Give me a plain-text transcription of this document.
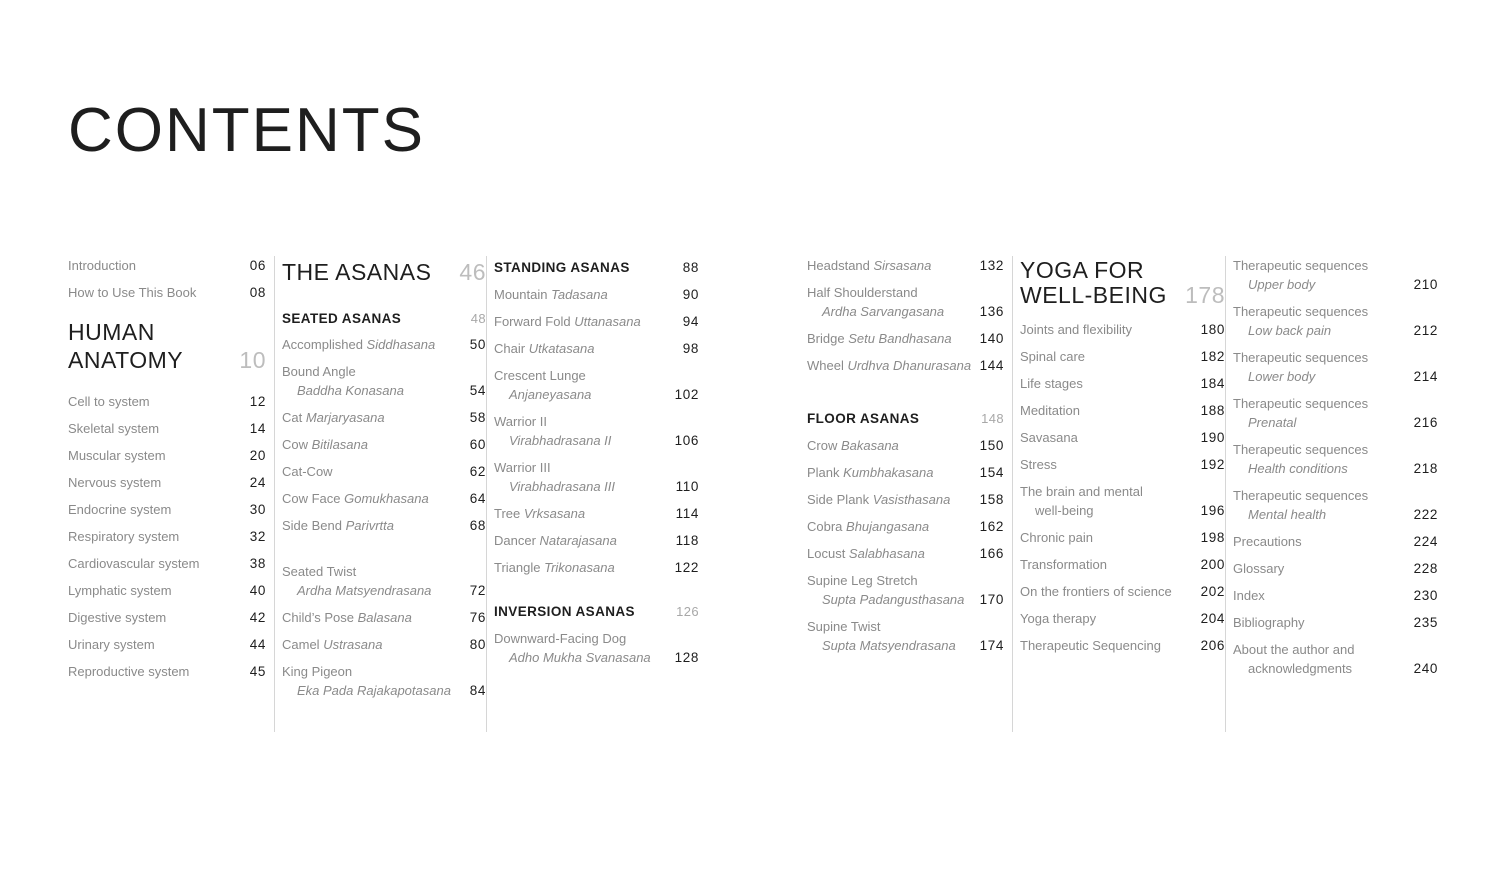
CONTENTS
Introduction	06
How to Use This Book	08
HUMAN
ANATOMY	10
Cell to system	12
Skeletal system	14
Muscular system	20
Nervous system	24
Endocrine system	30
Respiratory system	32
Cardiovascular system	38
Lymphatic system	40
Digestive system	42
Urinary system	44
Reproductive system	45
THE ASANAS 46
SEATED ASANAS	48
Accomplished Siddhasana	50
Bound Angle
Baddha Konasana	54
Cat Marjaryasana	58
Cow Bitilasana	60
Cat-Cow	62
Cow Face Gomukhasana	64
Side Bend Parivrtta	68
Seated Twist
Ardha Matsyendrasana	72
Child’s Pose Balasana	76
Camel Ustrasana	80
King Pigeon
Eka Pada Rajakapotasana	84
STANDING ASANAS	88
Mountain Tadasana	90
Forward Fold Uttanasana	94
Chair Utkatasana	98
Crescent Lunge
Anjaneyasana	102
Warrior II
Virabhadrasana II	106
Warrior III
Virabhadrasana III	110
Tree Vrksasana	114
Dancer Natarajasana	118
Triangle Trikonasana	122
INVERSION ASANAS	126
Downward-Facing Dog
Adho Mukha Svanasana	128
Headstand Sirsasana	132
Half Shoulderstand
Ardha Sarvangasana	136
Bridge Setu Bandhasana	140
Wheel Urdhva Dhanurasana 144
FLOOR ASANAS	148
Crow Bakasana	150
Plank Kumbhakasana	154
Side Plank Vasisthasana	158
Cobra Bhujangasana	162
Locust Salabhasana	166
Supine Leg Stretch
Supta Padangusthasana	170
Supine Twist
Supta Matsyendrasana	174
YOGA FOR
WELL-BEING 178
Joints and flexibility	180
Spinal care	182
Life stages	184
Meditation	188
Savasana	190
Stress	192
The brain and mental
well-being	196
Chronic pain	198
Transformation	200
On the frontiers of science	202
Yoga therapy	204
Therapeutic Sequencing	206
Therapeutic sequences
Upper body	210
Therapeutic sequences
Low back pain	212
Therapeutic sequences
Lower body	214
Therapeutic sequences
Prenatal	216
Therapeutic sequences
Health conditions	218
Therapeutic sequences
Mental health	222
Precautions	224
Glossary	228
Index	230
Bibliography	235
About the author and
acknowledgments	240
